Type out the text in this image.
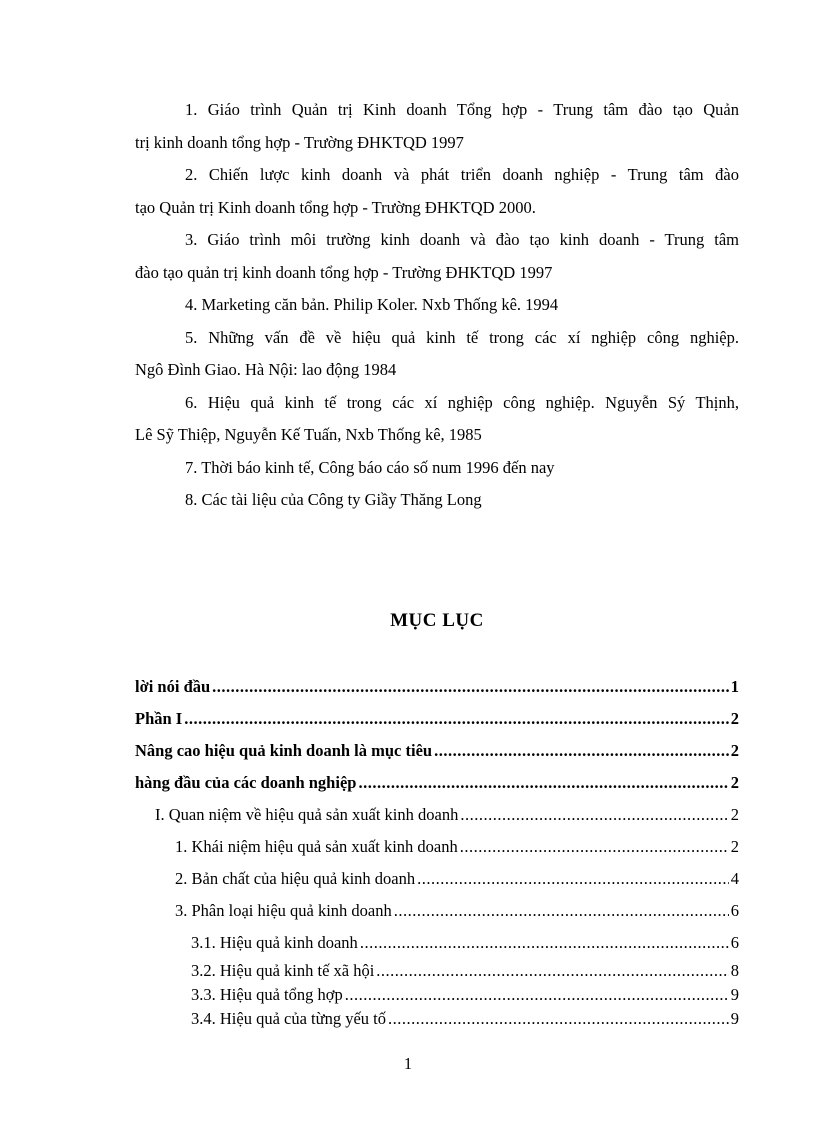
1. Giáo trình Quản trị Kinh doanh Tổng hợp - Trung tâm đào tạo Quản
trị kinh doanh tổng hợp - Trường ĐHKTQD 1997

2. Chiến lược kinh doanh và phát triển doanh nghiệp - Trung tâm đào
tạo Quản trị Kinh doanh tổng hợp - Trường ĐHKTQD 2000.

3. Giáo trình môi trường kinh doanh và đào tạo kinh doanh - Trung tâm
đào tạo quản trị kinh doanh tổng hợp - Trường ĐHKTQD 1997

4. Marketing căn bản. Philip Koler. Nxb Thống kê. 1994

5. Những vấn đề về hiệu quả kinh tế trong các xí nghiệp công nghiệp.
Ngô Đình Giao. Hà Nội: lao động 1984

6. Hiệu quả kinh tế trong các xí nghiệp công nghiệp. Nguyễn Sý Thịnh,
Lê Sỹ Thiệp, Nguyễn Kế Tuấn, Nxb Thống kê, 1985

7. Thời báo kinh tế, Công báo cáo số num 1996 đến nay

8. Các tài liệu của Công ty Giầy Thăng Long

MỤC LỤC
lời nói đầu .....	1
Phần I .....	2
Nâng cao hiệu quả kinh doanh là mục tiêu .....	2
hàng đầu của các doanh nghiệp .....	2
I. Quan niệm về hiệu quả sản xuất kinh doanh .....	2
1. Khái niệm hiệu quả sản xuất kinh doanh .....	2
2. Bản chất của hiệu quả kinh doanh .....	4
3. Phân loại hiệu quả kinh doanh .....	6
3.1. Hiệu quả kinh doanh .....	6
3.2. Hiệu quả kinh tế xã hội .....	8
3.3. Hiệu quả tổng hợp .....	9
3.4. Hiệu quả của từng yếu tố .....	9
1
